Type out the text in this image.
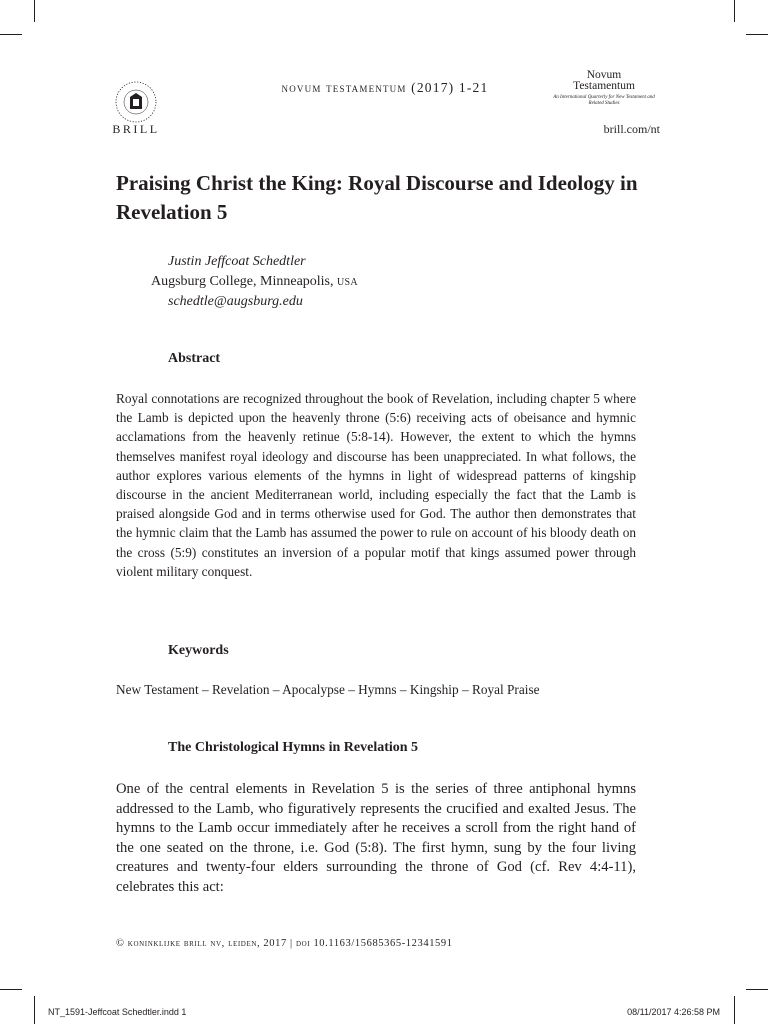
BRILL	brill.com/nt
novum testamentum (2017) 1-21
Novum
Testamentum
An International Quarterly for New Testament and Related Studies
Praising Christ the King: Royal Discourse and Ideology in Revelation 5
Justin Jeffcoat Schedtler
Augsburg College, Minneapolis, usa
schedtle@augsburg.edu
Abstract
Royal connotations are recognized throughout the book of Revelation, including chapter 5 where the Lamb is depicted upon the heavenly throne (5:6) receiving acts of obeisance and hymnic acclamations from the heavenly retinue (5:8-14). However, the extent to which the hymns themselves manifest royal ideology and discourse has been unappreciated. In what follows, the author explores various elements of the hymns in light of widespread patterns of kingship discourse in the ancient Mediterranean world, including especially the fact that the Lamb is praised alongside God and in terms otherwise used for God. The author then demonstrates that the hymnic claim that the Lamb has assumed the power to rule on account of his bloody death on the cross (5:9) constitutes an inversion of a popular motif that kings assumed power through violent military conquest.
Keywords
New Testament – Revelation – Apocalypse – Hymns – Kingship – Royal Praise
The Christological Hymns in Revelation 5
One of the central elements in Revelation 5 is the series of three antiphonal hymns addressed to the Lamb, who figuratively represents the crucified and exalted Jesus. The hymns to the Lamb occur immediately after he receives a scroll from the right hand of the one seated on the throne, i.e. God (5:8). The first hymn, sung by the four living creatures and twenty-four elders surrounding the throne of God (cf. Rev 4:4-11), celebrates this act:
© koninklijke brill nv, leiden, 2017 | doi 10.1163/15685365-12341591
NT_1591-Jeffcoat Schedtler.indd 1	08/11/2017 4:26:58 PM
